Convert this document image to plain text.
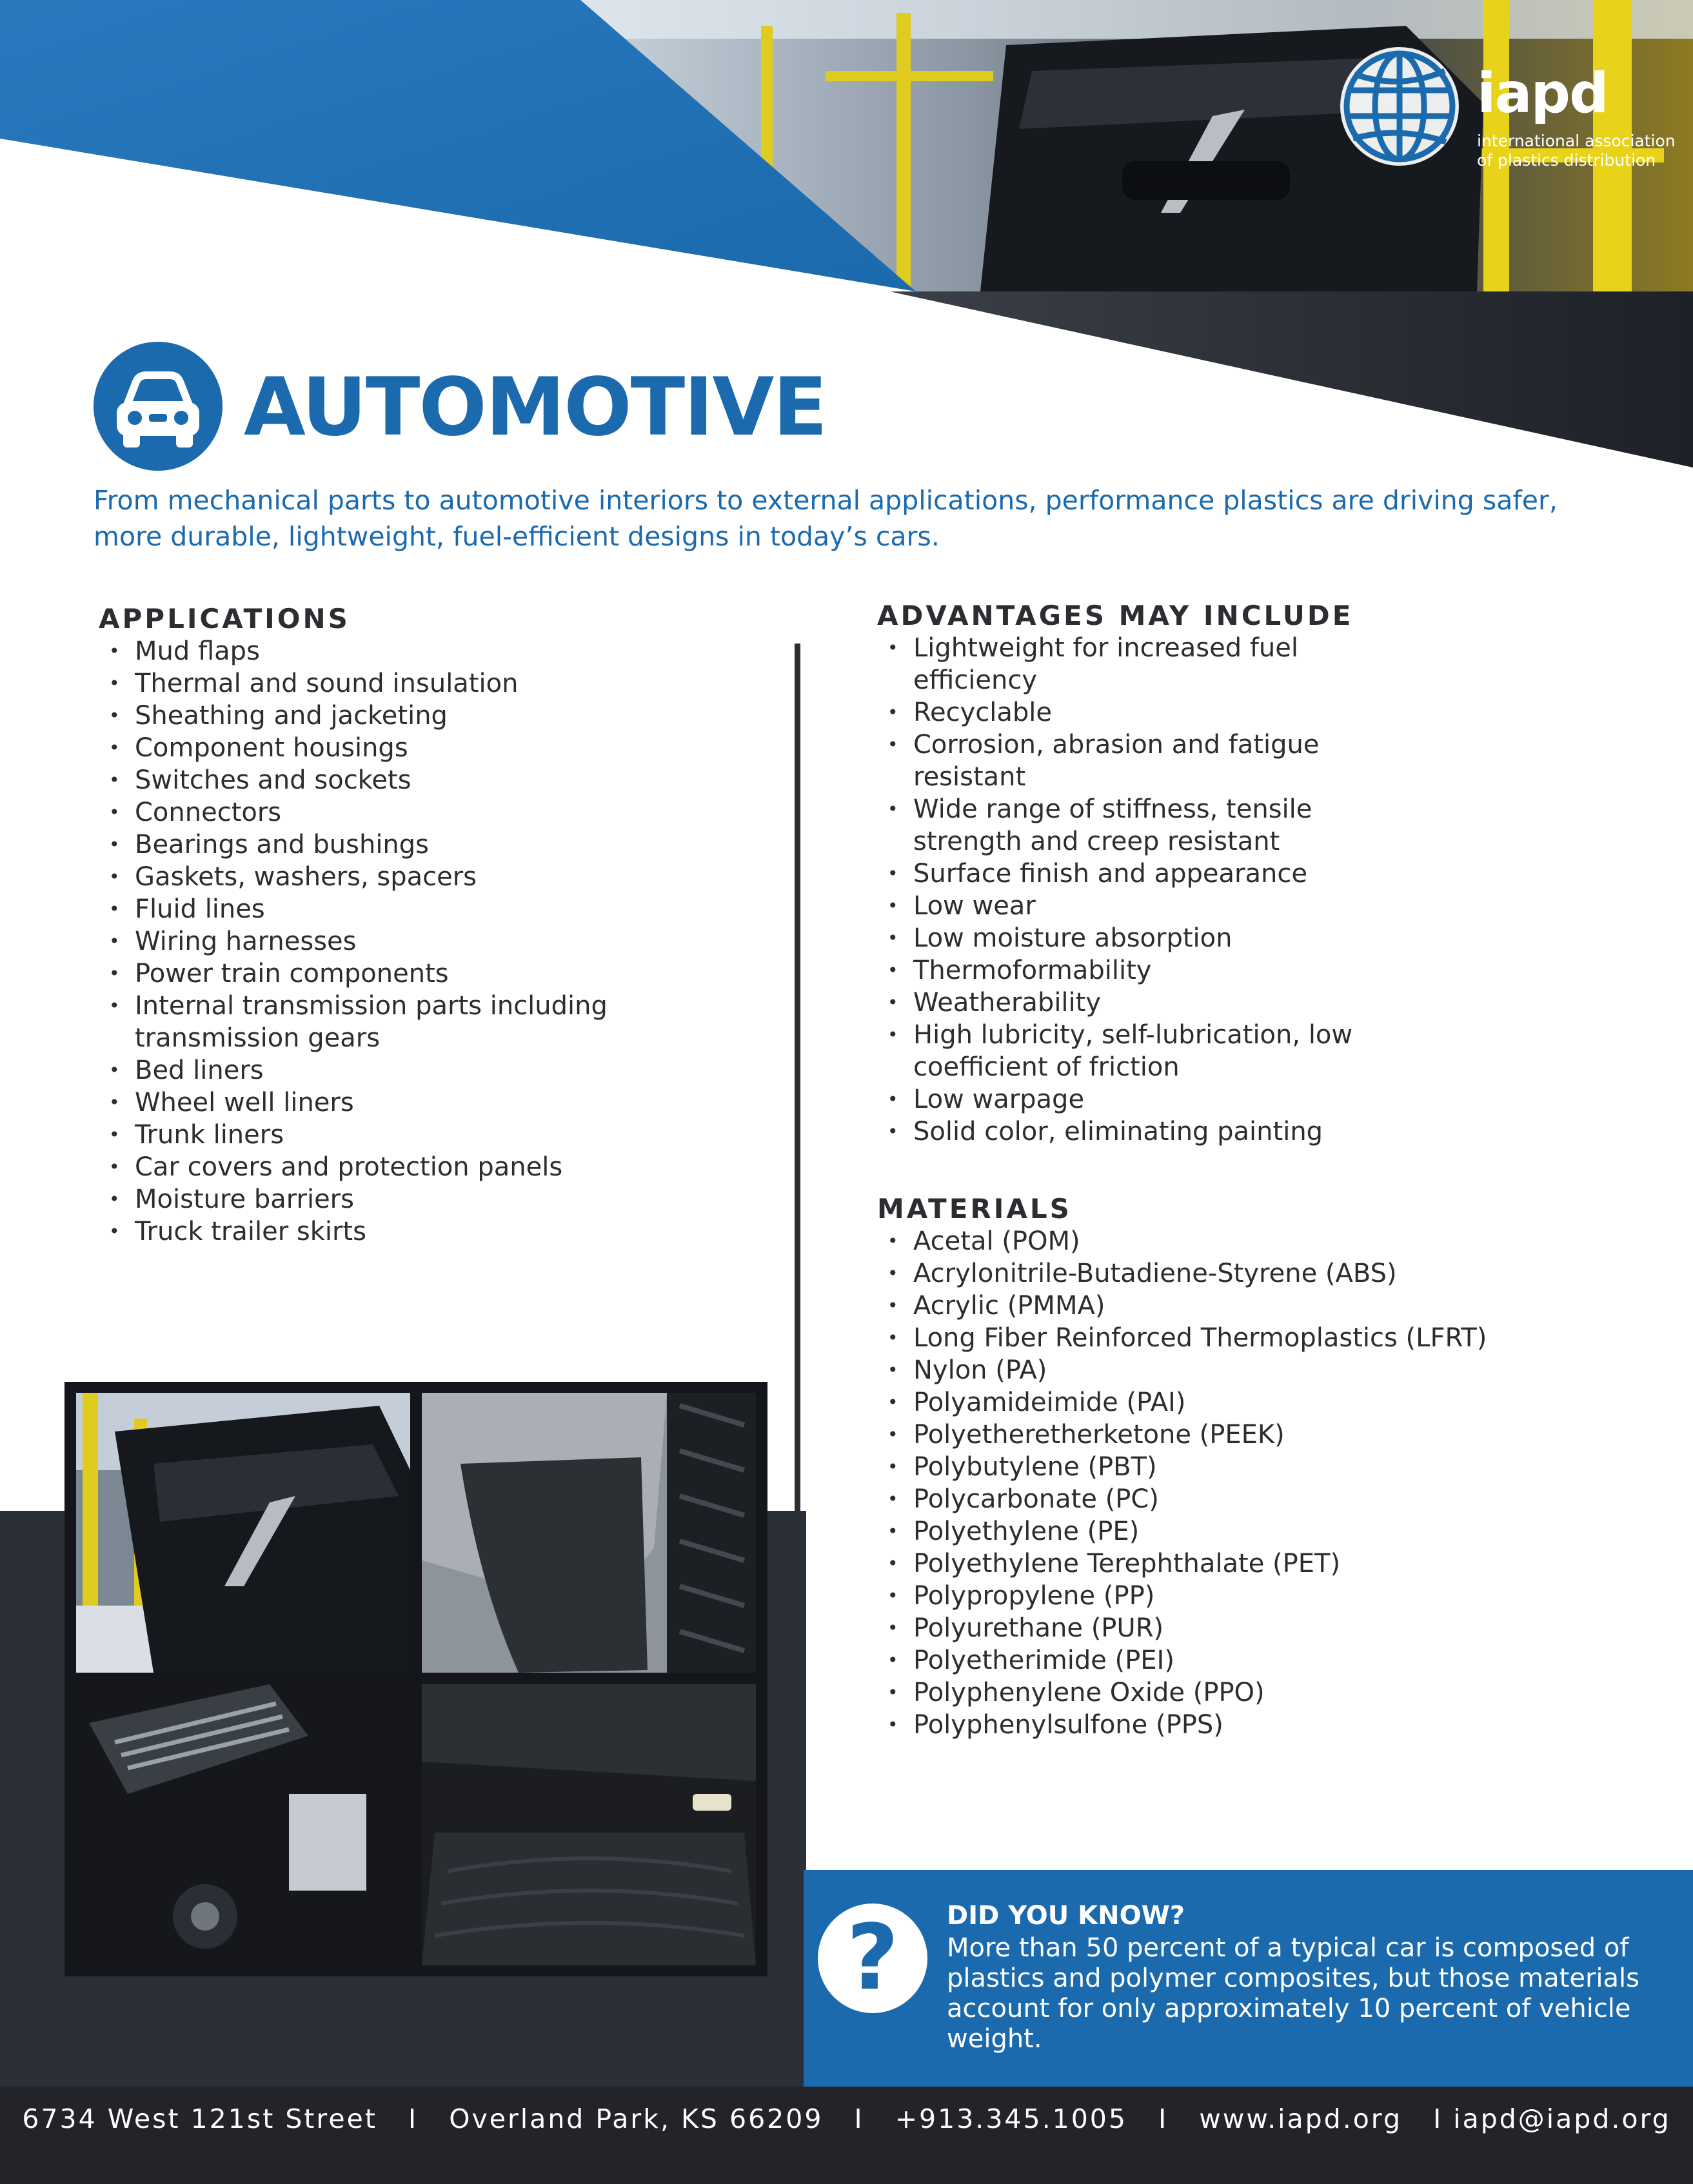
iapd
international association
of plastics distribution
AUTOMOTIVE
From mechanical parts to automotive interiors to external applications, performance plastics are driving safer, more durable, lightweight, fuel-efficient designs in today’s cars.
APPLICATIONS
• Mud flaps
• Thermal and sound insulation
• Sheathing and jacketing
• Component housings
• Switches and sockets
• Connectors
• Bearings and bushings
• Gaskets, washers, spacers
• Fluid lines
• Wiring harnesses
• Power train components
• Internal transmission parts including transmission gears
• Bed liners
• Wheel well liners
• Trunk liners
• Car covers and protection panels
• Moisture barriers
• Truck trailer skirts
ADVANTAGES MAY INCLUDE
• Lightweight for increased fuel efficiency
• Recyclable
• Corrosion, abrasion and fatigue resistant
• Wide range of stiffness, tensile strength and creep resistant
• Surface finish and appearance
• Low wear
• Low moisture absorption
• Thermoformability
• Weatherability
• High lubricity, self-lubrication, low coefficient of friction
• Low warpage
• Solid color, eliminating painting
MATERIALS
• Acetal (POM)
• Acrylonitrile-Butadiene-Styrene (ABS)
• Acrylic (PMMA)
• Long Fiber Reinforced Thermoplastics (LFRT)
• Nylon (PA)
• Polyamideimide (PAI)
• Polyetheretherketone (PEEK)
• Polybutylene (PBT)
• Polycarbonate (PC)
• Polyethylene (PE)
• Polyethylene Terephthalate (PET)
• Polypropylene (PP)
• Polyurethane (PUR)
• Polyetherimide (PEI)
• Polyphenylene Oxide (PPO)
• Polyphenylsulfone (PPS)
?	DID YOU KNOW?
More than 50 percent of a typical car is composed of plastics and polymer composites, but those materials account for only approximately 10 percent of vehicle weight.
6734 West 121st Street   I   Overland Park, KS 66209   I   +913.345.1005   I   www.iapd.org   I iapd@iapd.org
